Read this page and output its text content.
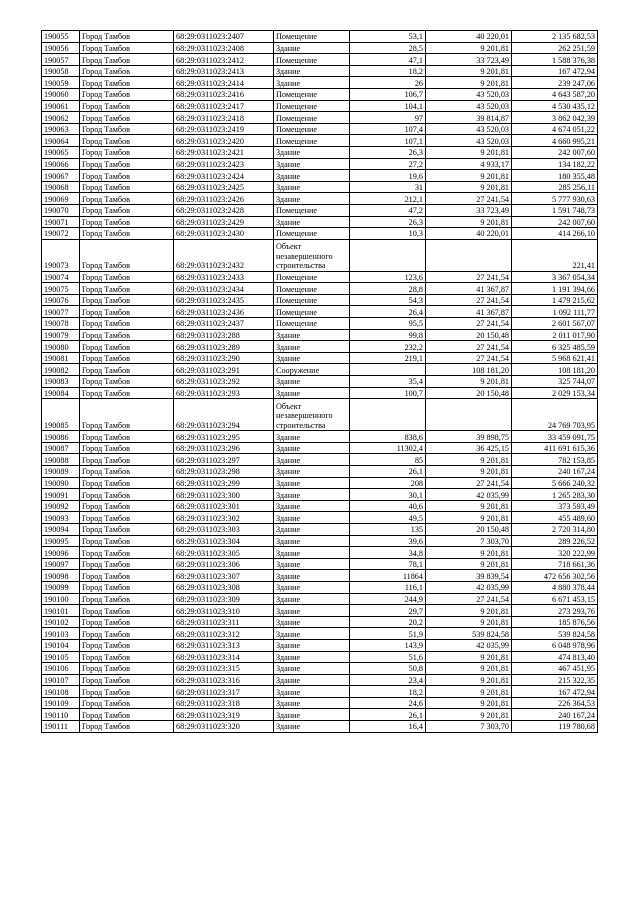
190055	Город Тамбов	68:29:0311023:2407	Помещение	53,1	40 220,01	2 135 682,53
190056	Город Тамбов	68:29:0311023:2408	Здание	28,5	9 201,81	262 251,59
190057	Город Тамбов	68:29:0311023:2412	Помещение	47,1	33 723,49	1 588 376,38
190058	Город Тамбов	68:29:0311023:2413	Здание	18,2	9 201,81	167 472,94
190059	Город Тамбов	68:29:0311023:2414	Здание	26	9 201,81	239 247,06
190060	Город Тамбов	68:29:0311023:2416	Помещение	106,7	43 520,03	4 643 587,20
190061	Город Тамбов	68:29:0311023:2417	Помещение	104,1	43 520,03	4 530 435,12
190062	Город Тамбов	68:29:0311023:2418	Помещение	97	39 814,87	3 862 042,39
190063	Город Тамбов	68:29:0311023:2419	Помещение	107,4	43 520,03	4 674 051,22
190064	Город Тамбов	68:29:0311023:2420	Помещение	107,1	43 520,03	4 660 995,21
190065	Город Тамбов	68:29:0311023:2421	Здание	26,3	9 201,81	242 007,60
190066	Город Тамбов	68:29:0311023:2423	Здание	27,2	4 933,17	134 182,22
190067	Город Тамбов	68:29:0311023:2424	Здание	19,6	9 201,81	180 355,48
190068	Город Тамбов	68:29:0311023:2425	Здание	31	9 201,81	285 256,11
190069	Город Тамбов	68:29:0311023:2426	Здание	212,1	27 241,54	5 777 930,63
190070	Город Тамбов	68:29:0311023:2428	Помещение	47,2	33 723,49	1 591 748,73
190071	Город Тамбов	68:29:0311023:2429	Здание	26,3	9 201,81	242 007,60
190072	Город Тамбов	68:29:0311023:2430	Помещение	10,3	40 220,01	414 266,10
190073	Город Тамбов	68:29:0311023:2432	Объект незавершенного строительства			221,41
190074	Город Тамбов	68:29:0311023:2433	Помещение	123,6	27 241,54	3 367 054,34
190075	Город Тамбов	68:29:0311023:2434	Помещение	28,8	41 367,87	1 191 394,66
190076	Город Тамбов	68:29:0311023:2435	Помещение	54,3	27 241,54	1 479 215,62
190077	Город Тамбов	68:29:0311023:2436	Помещение	26,4	41 367,87	1 092 111,77
190078	Город Тамбов	68:29:0311023:2437	Помещение	95,5	27 241,54	2 601 567,07
190079	Город Тамбов	68:29:0311023:288	Здание	99,8	20 150,48	2 011 017,90
190080	Город Тамбов	68:29:0311023:289	Здание	232,2	27 241,54	6 325 485,59
190081	Город Тамбов	68:29:0311023:290	Здание	219,1	27 241,54	5 968 621,41
190082	Город Тамбов	68:29:0311023:291	Сооружение		108 181,20	108 181,20
190083	Город Тамбов	68:29:0311023:292	Здание	35,4	9 201,81	325 744,07
190084	Город Тамбов	68:29:0311023:293	Здание	100,7	20 150,48	2 029 153,34
190085	Город Тамбов	68:29:0311023:294	Объект незавершенного строительства			24 769 703,95
190086	Город Тамбов	68:29:0311023:295	Здание	838,6	39 898,75	33 459 091,75
190087	Город Тамбов	68:29:0311023:296	Здание	11302,4	36 425,15	411 691 615,36
190088	Город Тамбов	68:29:0311023:297	Здание	85	9 201,81	782 153,85
190089	Город Тамбов	68:29:0311023:298	Здание	26,1	9 201,81	240 167,24
190090	Город Тамбов	68:29:0311023:299	Здание	208	27 241,54	5 666 240,32
190091	Город Тамбов	68:29:0311023:300	Здание	30,1	42 035,99	1 265 283,30
190092	Город Тамбов	68:29:0311023:301	Здание	40,6	9 201,81	373 593,49
190093	Город Тамбов	68:29:0311023:302	Здание	49,5	9 201,81	455 489,60
190094	Город Тамбов	68:29:0311023:303	Здание	135	20 150,48	2 720 314,80
190095	Город Тамбов	68:29:0311023:304	Здание	39,6	7 303,70	289 226,52
190096	Город Тамбов	68:29:0311023:305	Здание	34,8	9 201,81	320 222,99
190097	Город Тамбов	68:29:0311023:306	Здание	78,1	9 201,81	718 661,36
190098	Город Тамбов	68:29:0311023:307	Здание	11864	39 839,54	472 656 302,56
190099	Город Тамбов	68:29:0311023:308	Здание	116,1	42 035,99	4 880 378,44
190100	Город Тамбов	68:29:0311023:309	Здание	244,9	27 241,54	6 671 453,15
190101	Город Тамбов	68:29:0311023:310	Здание	29,7	9 201,81	273 293,76
190102	Город Тамбов	68:29:0311023:311	Здание	20,2	9 201,81	185 876,56
190103	Город Тамбов	68:29:0311023:312	Здание	51,9	539 824,58	539 824,58
190104	Город Тамбов	68:29:0311023:313	Здание	143,9	42 035,99	6 048 978,96
190105	Город Тамбов	68:29:0311023:314	Здание	51,6	9 201,81	474 813,40
190106	Город Тамбов	68:29:0311023:315	Здание	50,8	9 201,81	467 451,95
190107	Город Тамбов	68:29:0311023:316	Здание	23,4	9 201,81	215 322,35
190108	Город Тамбов	68:29:0311023:317	Здание	18,2	9 201,81	167 472,94
190109	Город Тамбов	68:29:0311023:318	Здание	24,6	9 201,81	226 364,53
190110	Город Тамбов	68:29:0311023:319	Здание	26,1	9 201,81	240 167,24
190111	Город Тамбов	68:29:0311023:320	Здание	16,4	7 303,70	119 780,68
